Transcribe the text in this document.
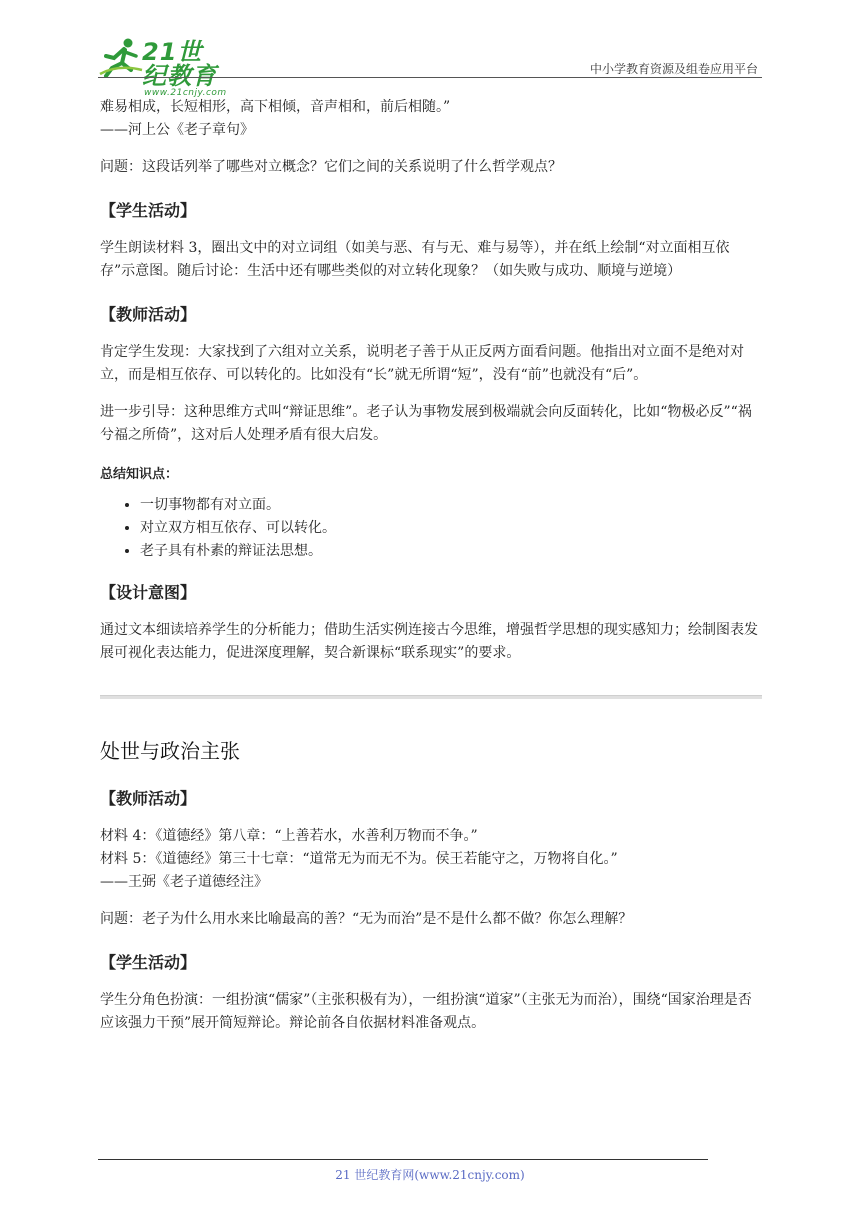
21世纪教育
www.21cnjy.com
中小学教育资源及组卷应用平台

难易相成，长短相形，高下相倾，音声相和，前后相随。”

——河上公《老子章句》

问题：这段话列举了哪些对立概念？它们之间的关系说明了什么哲学观点？

【学生活动】

学生朗读材料 3，圈出文中的对立词组（如美与恶、有与无、难与易等），并在纸上绘制“对立面相互依存”示意图。随后讨论：生活中还有哪些类似的对立转化现象？（如失败与成功、顺境与逆境）

【教师活动】

肯定学生发现：大家找到了六组对立关系，说明老子善于从正反两方面看问题。他指出对立面不是绝对对立，而是相互依存、可以转化的。比如没有“长”就无所谓“短”，没有“前”也就没有“后”。

进一步引导：这种思维方式叫“辩证思维”。老子认为事物发展到极端就会向反面转化，比如“物极必反”“祸兮福之所倚”，这对后人处理矛盾有很大启发。

总结知识点：

• 一切事物都有对立面。
• 对立双方相互依存、可以转化。
• 老子具有朴素的辩证法思想。

【设计意图】

通过文本细读培养学生的分析能力；借助生活实例连接古今思维，增强哲学思想的现实感知力；绘制图表发展可视化表达能力，促进深度理解，契合新课标“联系现实”的要求。

处世与政治主张

【教师活动】

材料 4：《道德经》第八章：“上善若水，水善利万物而不争。”

材料 5：《道德经》第三十七章：“道常无为而无不为。侯王若能守之，万物将自化。”

——王弼《老子道德经注》

问题：老子为什么用水来比喻最高的善？“无为而治”是不是什么都不做？你怎么理解？

【学生活动】

学生分角色扮演：一组扮演“儒家”（主张积极有为），一组扮演“道家”（主张无为而治），围绕“国家治理是否应该强力干预”展开简短辩论。辩论前各自依据材料准备观点。

21 世纪教育网(www.21cnjy.com)
